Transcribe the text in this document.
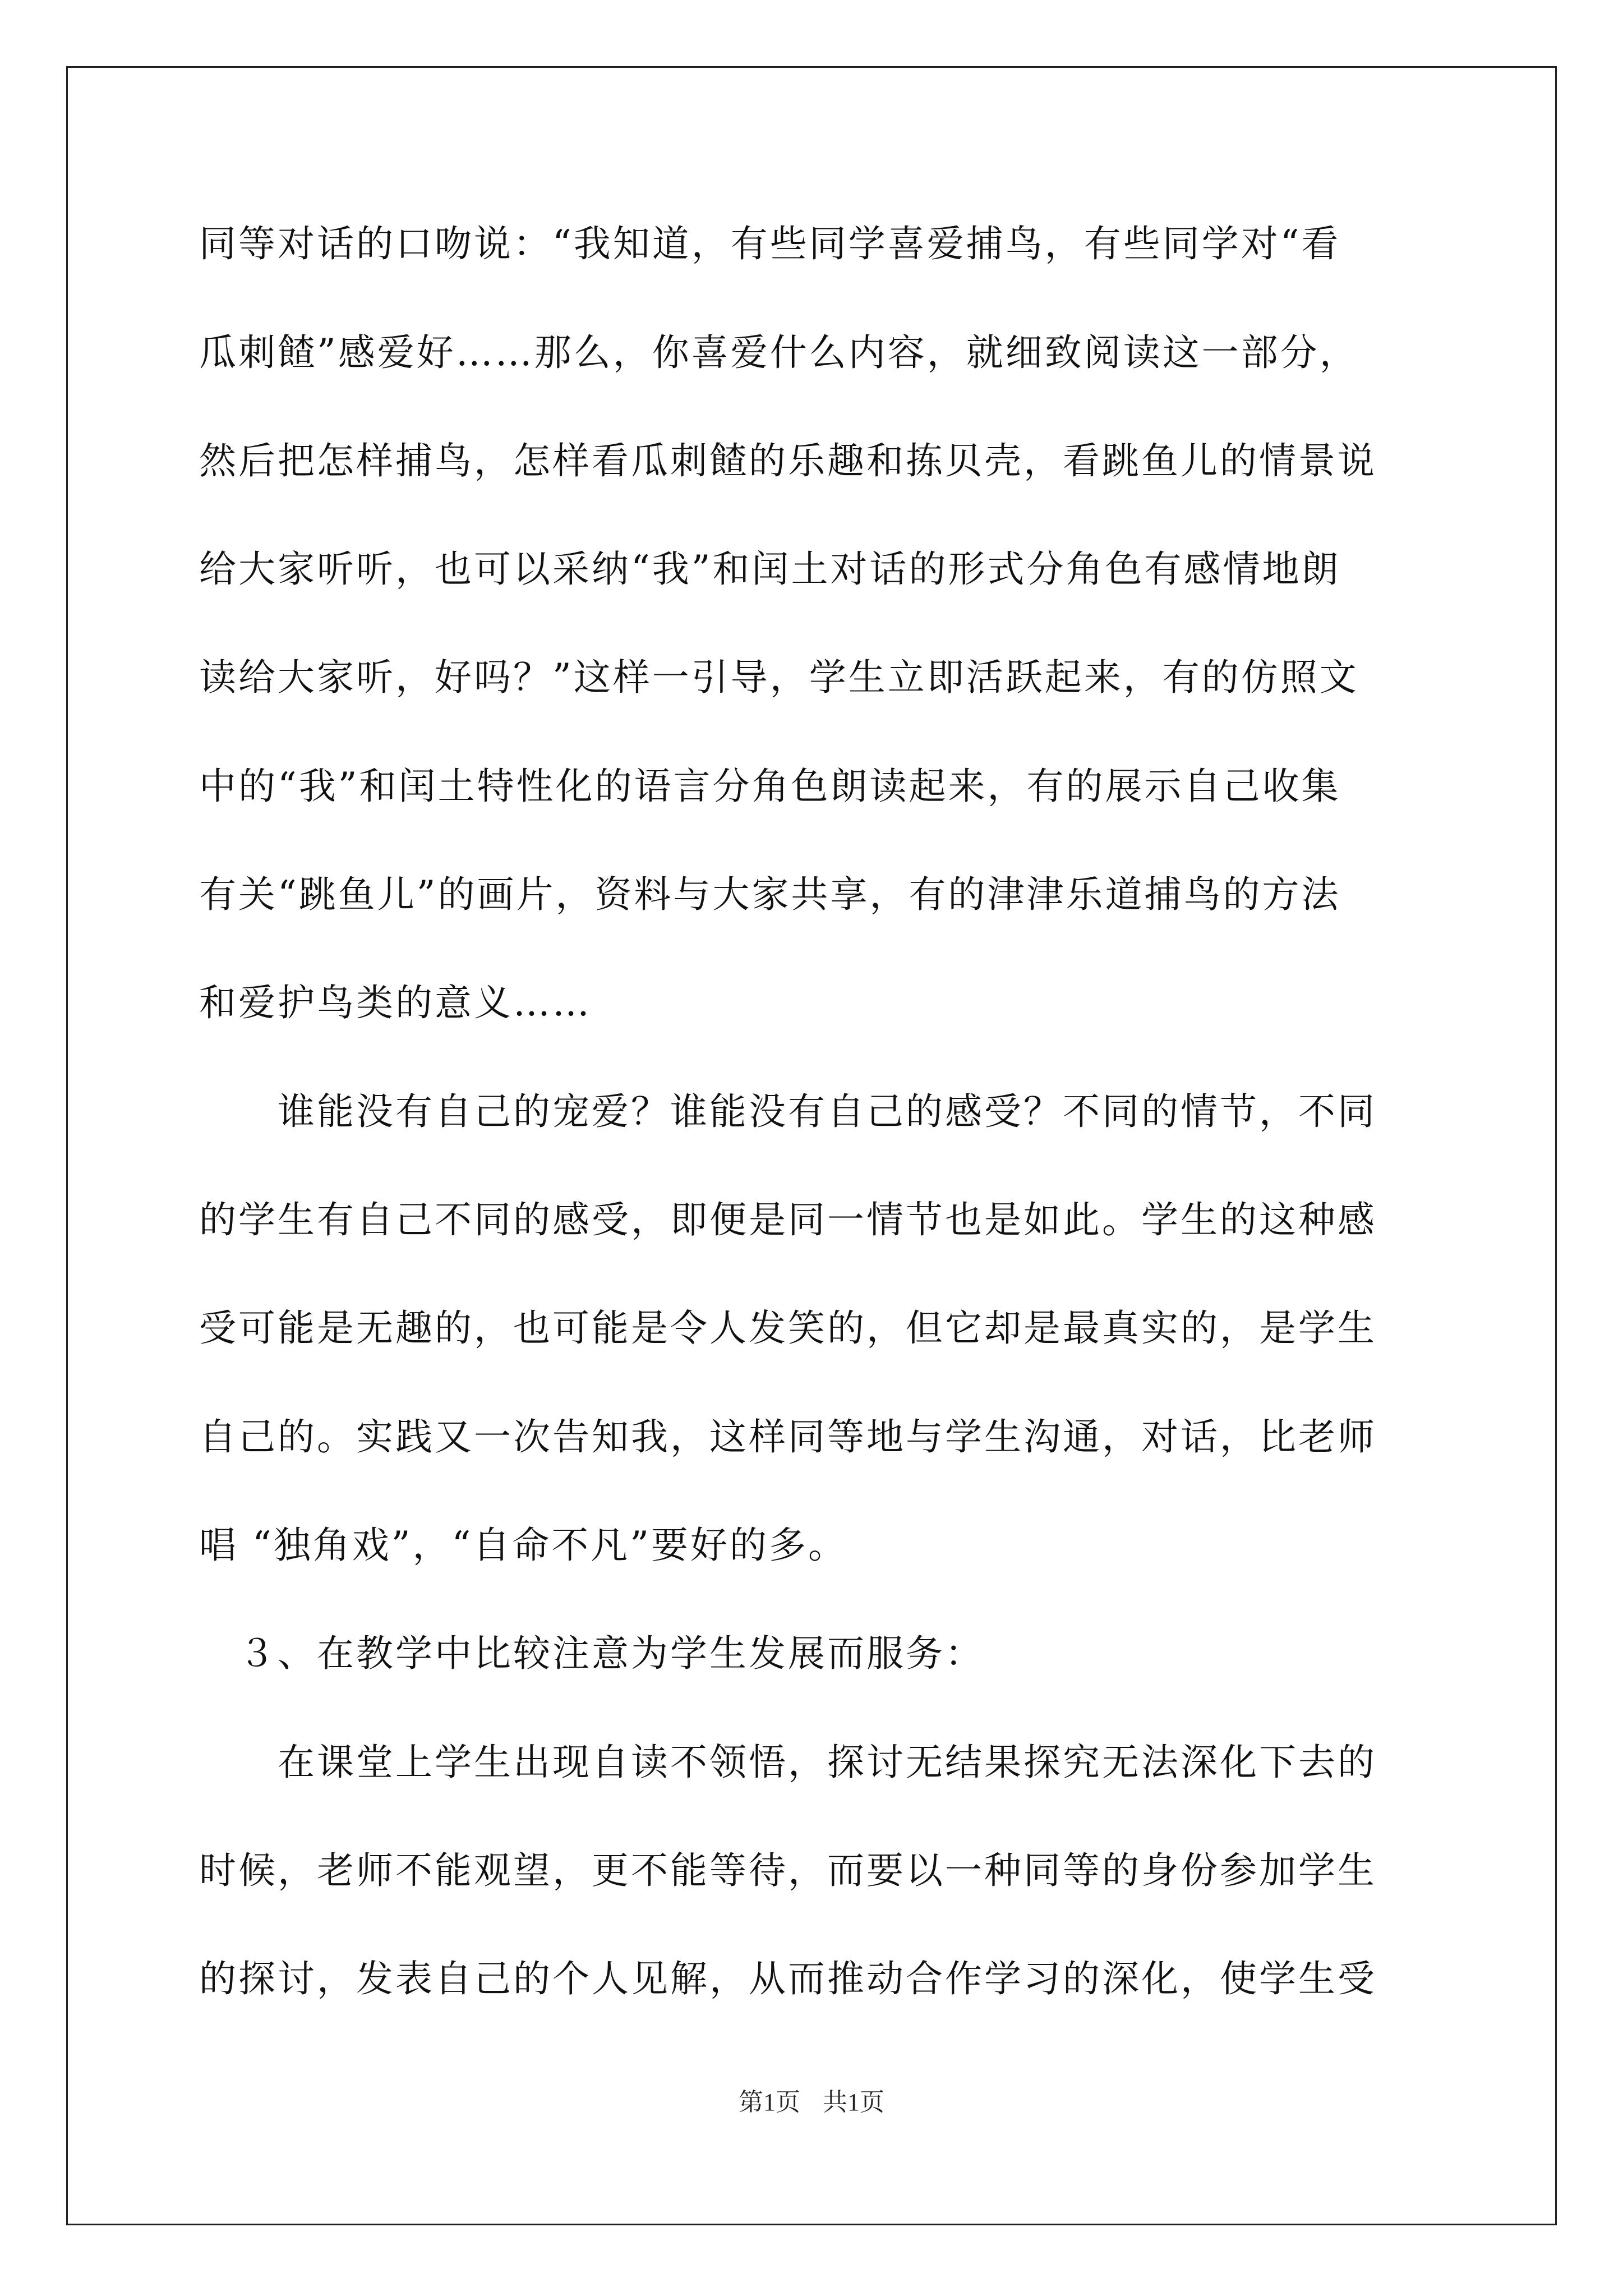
同等对话的口吻说：“我知道，有些同学喜爱捕鸟，有些同学对“看
瓜刺餷”感爱好……那么，你喜爱什么内容，就细致阅读这一部分，
然后把怎样捕鸟，怎样看瓜刺餷的乐趣和拣贝壳，看跳鱼儿的情景说
给大家听听，也可以采纳“我”和闰土对话的形式分角色有感情地朗
读给大家听，好吗？”这样一引导，学生立即活跃起来，有的仿照文
中的“我”和闰土特性化的语言分角色朗读起来，有的展示自己收集
有关“跳鱼儿”的画片，资料与大家共享，有的津津乐道捕鸟的方法
和爱护鸟类的意义……
　　谁能没有自己的宠爱？谁能没有自己的感受？不同的情节，不同
的学生有自己不同的感受，即便是同一情节也是如此。学生的这种感
受可能是无趣的，也可能是令人发笑的，但它却是最真实的，是学生
自己的。实践又一次告知我，这样同等地与学生沟通，对话，比老师
唱 “独角戏”，“自命不凡”要好的多。
　３、在教学中比较注意为学生发展而服务：
　　在课堂上学生出现自读不领悟，探讨无结果探究无法深化下去的
时候，老师不能观望，更不能等待，而要以一种同等的身份参加学生
的探讨，发表自己的个人见解，从而推动合作学习的深化，使学生受
第1页 共1页
